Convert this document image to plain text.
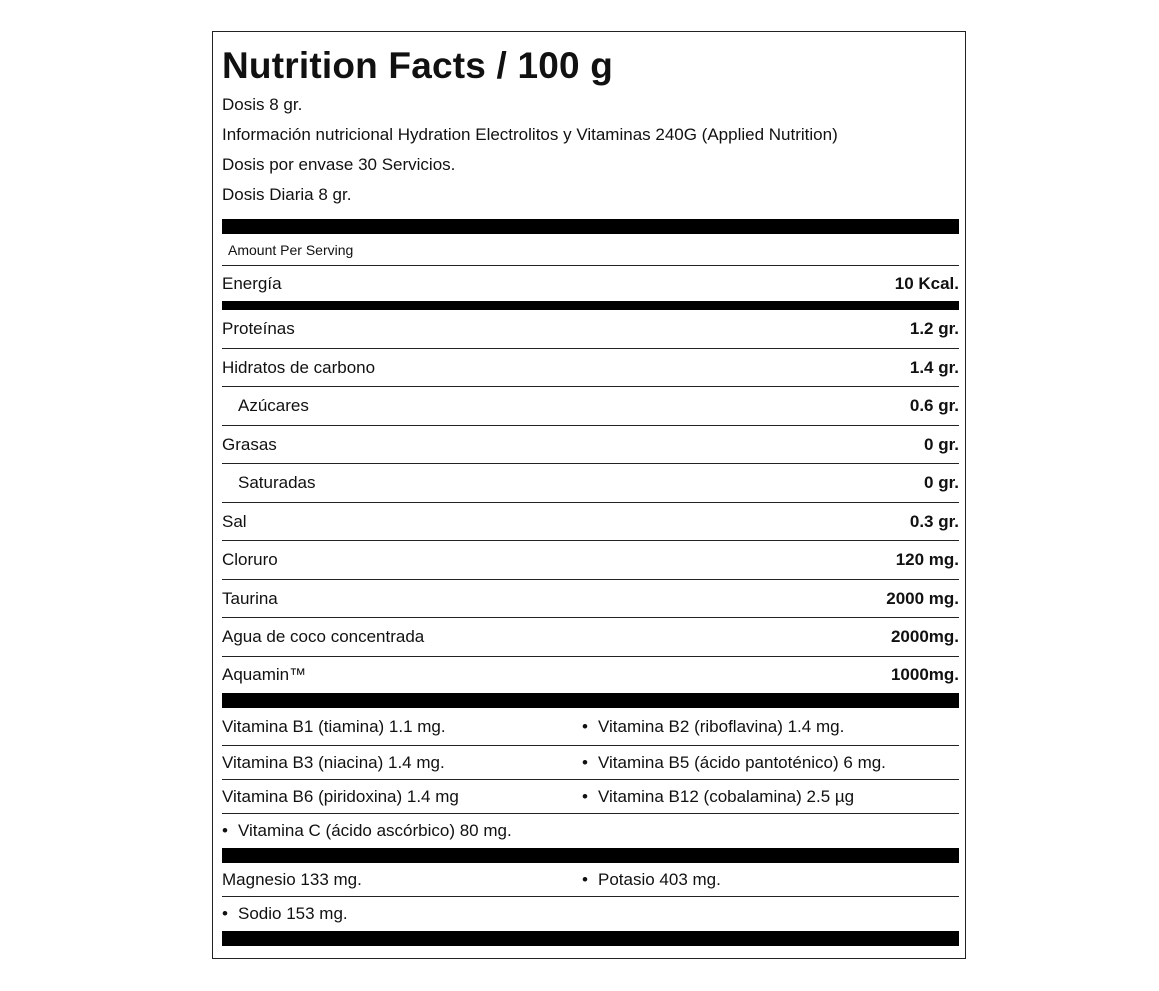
Nutrition Facts / 100 g
Dosis 8 gr.
Información nutricional Hydration Electrolitos y Vitaminas 240G (Applied Nutrition)
Dosis por envase 30 Servicios.
Dosis Diaria 8 gr.
Amount Per Serving
Energía	10 Kcal.
Proteínas	1.2 gr.
Hidratos de carbono	1.4 gr.
Azúcares	0.6 gr.
Grasas	0 gr.
Saturadas	0 gr.
Sal	0.3 gr.
Cloruro	120 mg.
Taurina	2000 mg.
Agua de coco concentrada	2000mg.
Aquamin™	1000mg.
Vitamina B1 (tiamina) 1.1 mg.	• Vitamina B2 (riboflavina) 1.4 mg.
Vitamina B3 (niacina) 1.4 mg.	• Vitamina B5 (ácido pantoténico) 6 mg.
Vitamina B6 (piridoxina) 1.4 mg	• Vitamina B12 (cobalamina) 2.5 µg
• Vitamina C (ácido ascórbico) 80 mg.
Magnesio 133 mg.	• Potasio 403 mg.
• Sodio 153 mg.
